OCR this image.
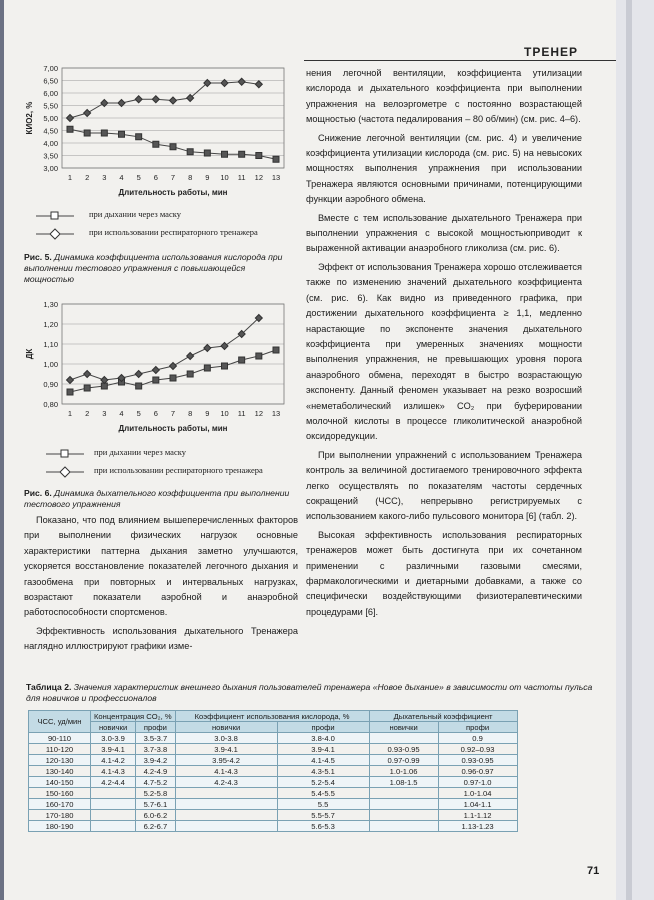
ТРЕНЕР
3,00
3,50
4,00
4,50
5,00
5,50
6,00
6,50
7,00
1 2 3 4 5 6 7 8 9 10 11 12 13
Длительность работы, мин
КИО2, %
при дыхании через маску
при использовании респираторного тренажера
Рис. 5. Динамика коэффициента использования кислорода при выполнении тестового упражнения с повышающейся мощностью
0,80
0,90
1,00
1,10
1,20
1,30
1 2 3 4 5 6 7 8 9 10 11 12 13
Длительность работы, мин
ДК
при дыхании через маску
при использовании респираторного тренажера
Рис. 6. Динамика дыхательного коэффициента при выполнении тестового упражнения

Показано, что под влиянием вышеперечисленных факторов при выполнении физических нагрузок основные характеристики паттерна дыхания заметно улучшаются, ускоряется восстановление показателей легочного дыхания и газообмена при повторных и интервальных нагрузках, возрастают показатели аэробной и анаэробной работоспособности спортсменов.

Эффективность использования дыхательного Тренажера наглядно иллюстрируют графики изме-

нения легочной вентиляции, коэффициента утилизации кислорода и дыхательного коэффициента при выполнении упражнения на велоэргометре с постоянно возрастающей мощностью (частота педалирования – 80 об/мин) (см. рис. 4–6).

Снижение легочной вентиляции (см. рис. 4) и увеличение коэффициента утилизации кислорода (см. рис. 5) на невысоких мощностях выполнения упражнения при использовании Тренажера являются основными причинами, потенцирующими функции аэробного обмена.

Вместе с тем использование дыхательного Тренажера при выполнении упражнения с высокой мощностьюприводит к выраженной активации анаэробного гликолиза (см. рис. 6).

Эффект от использования Тренажера хорошо отслеживается также по изменению значений дыхательного коэффициента (см. рис. 6). Как видно из приведенного графика, при достижении дыхательного коэффициента ≥ 1,1, медленно нарастающие по экспоненте значения дыхательного коэффициента при умеренных значениях мощности выполнения упражнения, не превышающих уровня порога анаэробного обмена, переходят в быстро возрастающую экспоненту. Данный феномен указывает на резко возросший «неметаболический излишек» CO₂ при буферировании молочной кислоты в процессе гликолитической анаэробной оксидоредукции.

При выполнении упражнений с использованием Тренажера контроль за величиной достигаемого тренировочного эффекта легко осуществлять по показателям частоты сердечных сокращений (ЧСС), непрерывно регистрируемых с использованием какого-либо пульсового монитора [6] (табл. 2).

Высокая эффективность использования респираторных тренажеров может быть достигнута при их сочетанном применении с различными газовыми смесями, фармакологическими и диетарными добавками, а также со специфически воздействующими физиотерапевтическими процедурами [6].

Таблица 2. Значения характеристик внешнего дыхания пользователей тренажера «Новое дыхание» в зависимости от частоты пульса для новичков и профессионалов
ЧСС, уд/мин	Концентрация CO₂, %		Коэффициент использования кислорода, %		Дыхательный коэффициент	
	новички	профи	новички	профи	новички	профи
90-110	3.0-3.9	3.5-3.7	3.0-3.8	3.8-4.0		0.9
110-120	3.9-4.1	3.7-3.8	3.9-4.1	3.9-4.1	0.93-0.95	0.92–0.93
120-130	4.1-4.2	3.9-4.2	3.95-4.2	4.1-4.5	0.97-0.99	0.93-0.95
130-140	4.1-4.3	4.2-4.9	4.1-4.3	4.3-5.1	1.0-1.06	0.96-0.97
140-150	4.2-4.4	4.7-5.2	4.2-4.3	5.2-5.4	1.08-1.5	0.97-1.0
150-160		5.2-5.8		5.4-5.5		1.0-1.04
160-170		5.7-6.1		5.5		1.04-1.1
170-180		6.0-6.2		5.5-5.7		1.1-1.12
180-190		6.2-6.7		5.6-5.3		1.13-1.23
71
